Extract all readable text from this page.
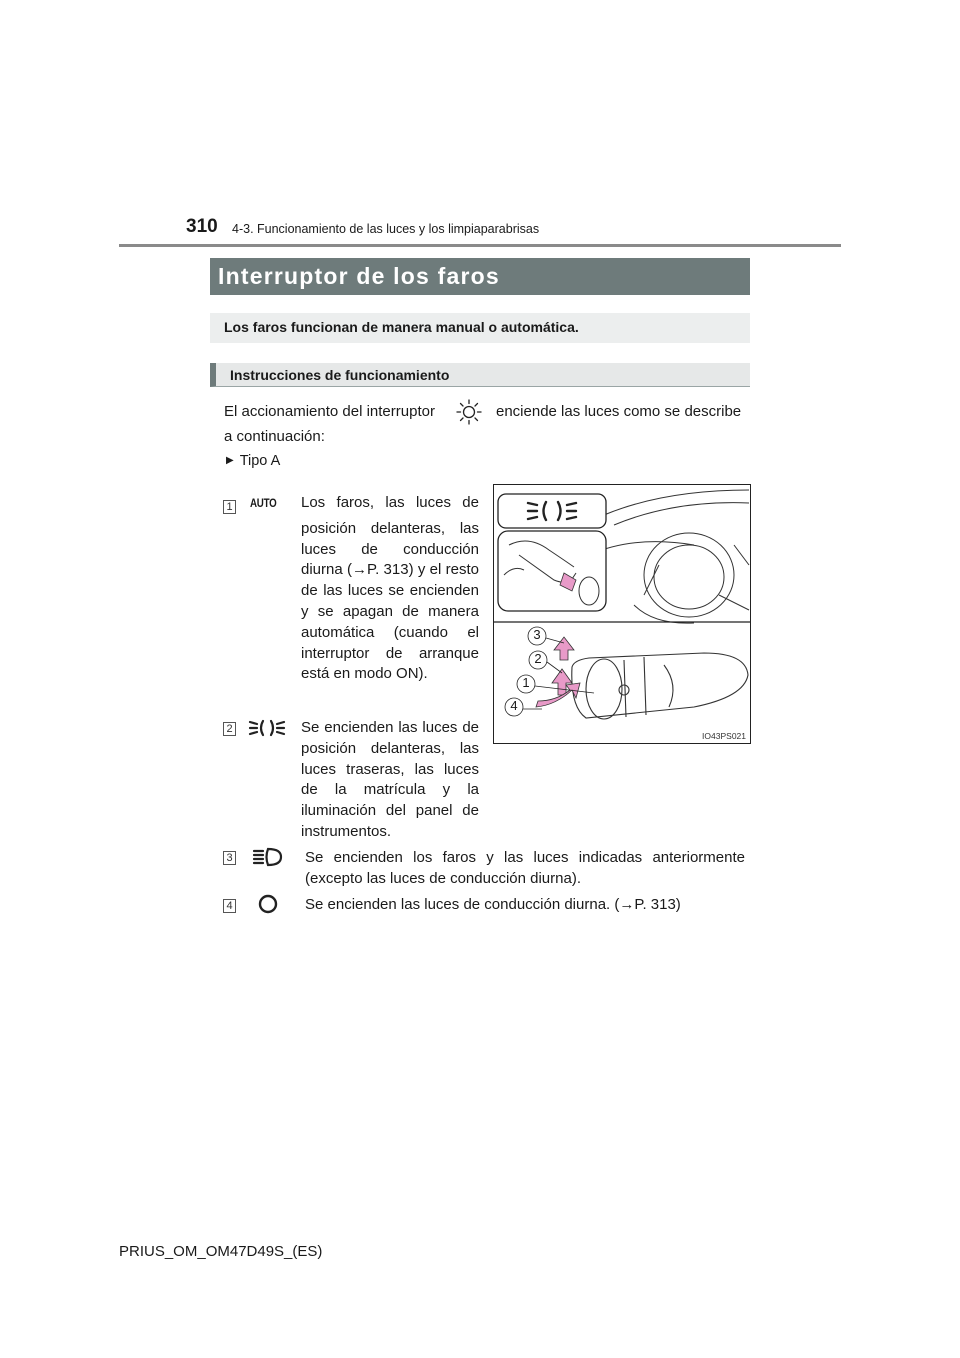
310 4-3. Funcionamiento de las luces y los limpiaparabrisas
Interruptor de los faros
Los faros funcionan de manera manual o automática.
Instrucciones de funcionamiento
El accionamiento del interruptor	enciende las luces como se describe
a continuación:
▶ Tipo A
1 AUTO Los faros, las luces de
posición delanteras, las luces de conducción diurna (→P. 313) y el resto de las luces se encienden y se apagan de manera automática (cuando el interruptor de arranque está en modo ON).
2	Se encienden las luces de posición delanteras, las luces traseras, las luces de la matrícula y la iluminación del panel de instrumentos.
3	Se encienden los faros y las luces indicadas anteriormente
(excepto las luces de conducción diurna).
4	Se encienden las luces de conducción diurna. (→P. 313)
3
2
1
4
IO43PS021
PRIUS_OM_OM47D49S_(ES)
